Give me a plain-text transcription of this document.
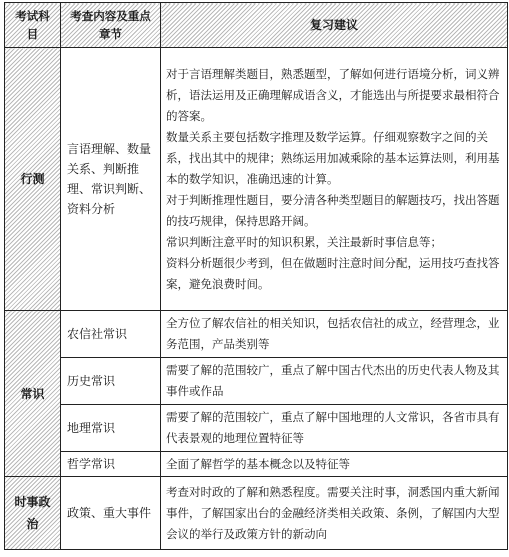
考试科目	考查内容及重点章节	复习建议
行测	言语理解、数量关系、判断推理、常识判断、资料分析	对于言语理解类题目，熟悉题型，了解如何进行语境分析，词义辨析，语法运用及正确理解成语含义，才能选出与所提要求最相符合的答案。

数量关系主要包括数字推理及数学运算。仔细观察数字之间的关系，找出其中的规律；熟练运用加减乘除的基本运算法则，利用基本的数学知识，准确迅速的计算。

对于判断推理性题目，要分清各种类型题目的解题技巧，找出答题的技巧规律，保持思路开阔。

常识判断注意平时的知识积累，关注最新时事信息等；

资料分析题很少考到，但在做题时注意时间分配，运用技巧查找答案，避免浪费时间。

常识	农信社常识	全方位了解农信社的相关知识，包括农信社的成立，经营理念，业务范围，产品类别等

	历史常识	需要了解的范围较广，重点了解中国古代杰出的历史代表人物及其事件或作品

	地理常识	需要了解的范围较广，重点了解中国地理的人文常识，各省市具有代表景观的地理位置特征等

	哲学常识	全面了解哲学的基本概念以及特征等

时事政治	政策、重大事件	考查对时政的了解和熟悉程度。需要关注时事，洞悉国内重大新闻事件，了解国家出台的金融经济类相关政策、条例，了解国内大型会议的举行及政策方针的新动向
